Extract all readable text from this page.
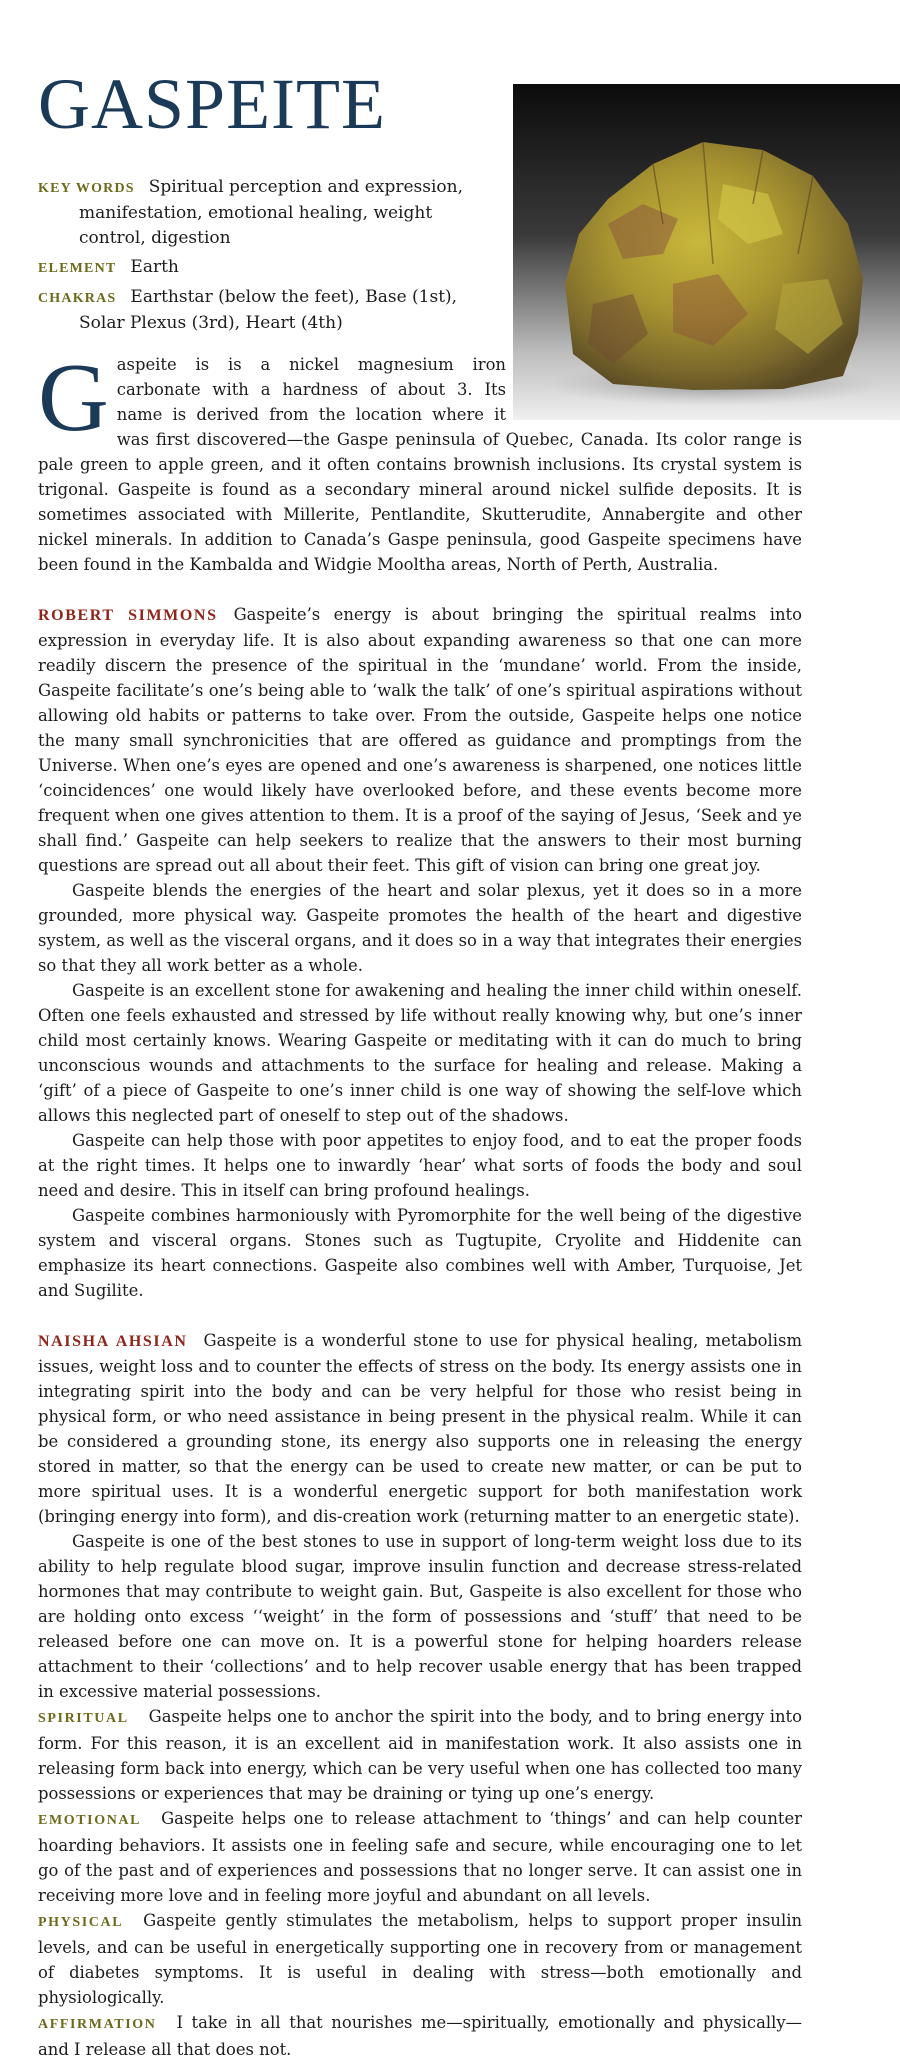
GASPEITE
KEY WORDS Spiritual perception and expression, manifestation, emotional healing, weight control, digestion
ELEMENT Earth
CHAKRAS Earthstar (below the feet), Base (1st), Solar Plexus (3rd), Heart (4th)

Gaspeite is is a nickel magnesium iron carbonate with a hardness of about 3. Its name is derived from the location where it was first discovered—the Gaspe peninsula of Quebec, Canada. Its color range is pale green to apple green, and it often contains brownish inclusions. Its crystal system is trigonal. Gaspeite is found as a secondary mineral around nickel sulfide deposits. It is sometimes associated with Millerite, Pentlandite, Skutterudite, Annabergite and other nickel minerals. In addition to Canada’s Gaspe peninsula, good Gaspeite specimens have been found in the Kambalda and Widgie Mooltha areas, North of Perth, Australia.

ROBERT SIMMONS Gaspeite’s energy is about bringing the spiritual realms into expression in everyday life. It is also about expanding awareness so that one can more readily discern the presence of the spiritual in the ‘mundane’ world. From the inside, Gaspeite facilitate’s one’s being able to ‘walk the talk’ of one’s spiritual aspirations without allowing old habits or patterns to take over. From the outside, Gaspeite helps one notice the many small synchronicities that are offered as guidance and promptings from the Universe. When one’s eyes are opened and one’s awareness is sharpened, one notices little ‘coincidences’ one would likely have overlooked before, and these events become more frequent when one gives attention to them. It is a proof of the saying of Jesus, ‘Seek and ye shall find.’ Gaspeite can help seekers to realize that the answers to their most burning questions are spread out all about their feet. This gift of vision can bring one great joy.

Gaspeite blends the energies of the heart and solar plexus, yet it does so in a more grounded, more physical way. Gaspeite promotes the health of the heart and digestive system, as well as the visceral organs, and it does so in a way that integrates their energies so that they all work better as a whole.

Gaspeite is an excellent stone for awakening and healing the inner child within oneself. Often one feels exhausted and stressed by life without really knowing why, but one’s inner child most certainly knows. Wearing Gaspeite or meditating with it can do much to bring unconscious wounds and attachments to the surface for healing and release. Making a ‘gift’ of a piece of Gaspeite to one’s inner child is one way of showing the self-love which allows this neglected part of oneself to step out of the shadows.

Gaspeite can help those with poor appetites to enjoy food, and to eat the proper foods at the right times. It helps one to inwardly ‘hear’ what sorts of foods the body and soul need and desire. This in itself can bring profound healings.

Gaspeite combines harmoniously with Pyromorphite for the well being of the digestive system and visceral organs. Stones such as Tugtupite, Cryolite and Hiddenite can emphasize its heart connections. Gaspeite also combines well with Amber, Turquoise, Jet and Sugilite.

NAISHA AHSIAN Gaspeite is a wonderful stone to use for physical healing, metabolism issues, weight loss and to counter the effects of stress on the body. Its energy assists one in integrating spirit into the body and can be very helpful for those who resist being in physical form, or who need assistance in being present in the physical realm. While it can be considered a grounding stone, its energy also supports one in releasing the energy stored in matter, so that the energy can be used to create new matter, or can be put to more spiritual uses. It is a wonderful energetic support for both manifestation work (bringing energy into form), and dis-creation work (returning matter to an energetic state).

Gaspeite is one of the best stones to use in support of long-term weight loss due to its ability to help regulate blood sugar, improve insulin function and decrease stress-related hormones that may contribute to weight gain. But, Gaspeite is also excellent for those who are holding onto excess ‘‘weight’ in the form of possessions and ‘stuff’ that need to be released before one can move on. It is a powerful stone for helping hoarders release attachment to their ‘collections’ and to help recover usable energy that has been trapped in excessive material possessions.

SPIRITUAL Gaspeite helps one to anchor the spirit into the body, and to bring energy into form. For this reason, it is an excellent aid in manifestation work. It also assists one in releasing form back into energy, which can be very useful when one has collected too many possessions or experiences that may be draining or tying up one’s energy.

EMOTIONAL Gaspeite helps one to release attachment to ‘things’ and can help counter hoarding behaviors. It assists one in feeling safe and secure, while encouraging one to let go of the past and of experiences and possessions that no longer serve. It can assist one in receiving more love and in feeling more joyful and abundant on all levels.

PHYSICAL Gaspeite gently stimulates the metabolism, helps to support proper insulin levels, and can be useful in energetically supporting one in recovery from or management of diabetes symptoms. It is useful in dealing with stress—both emotionally and physiologically.

AFFIRMATION I take in all that nourishes me—spiritually, emotionally and physically—and I release all that does not.
